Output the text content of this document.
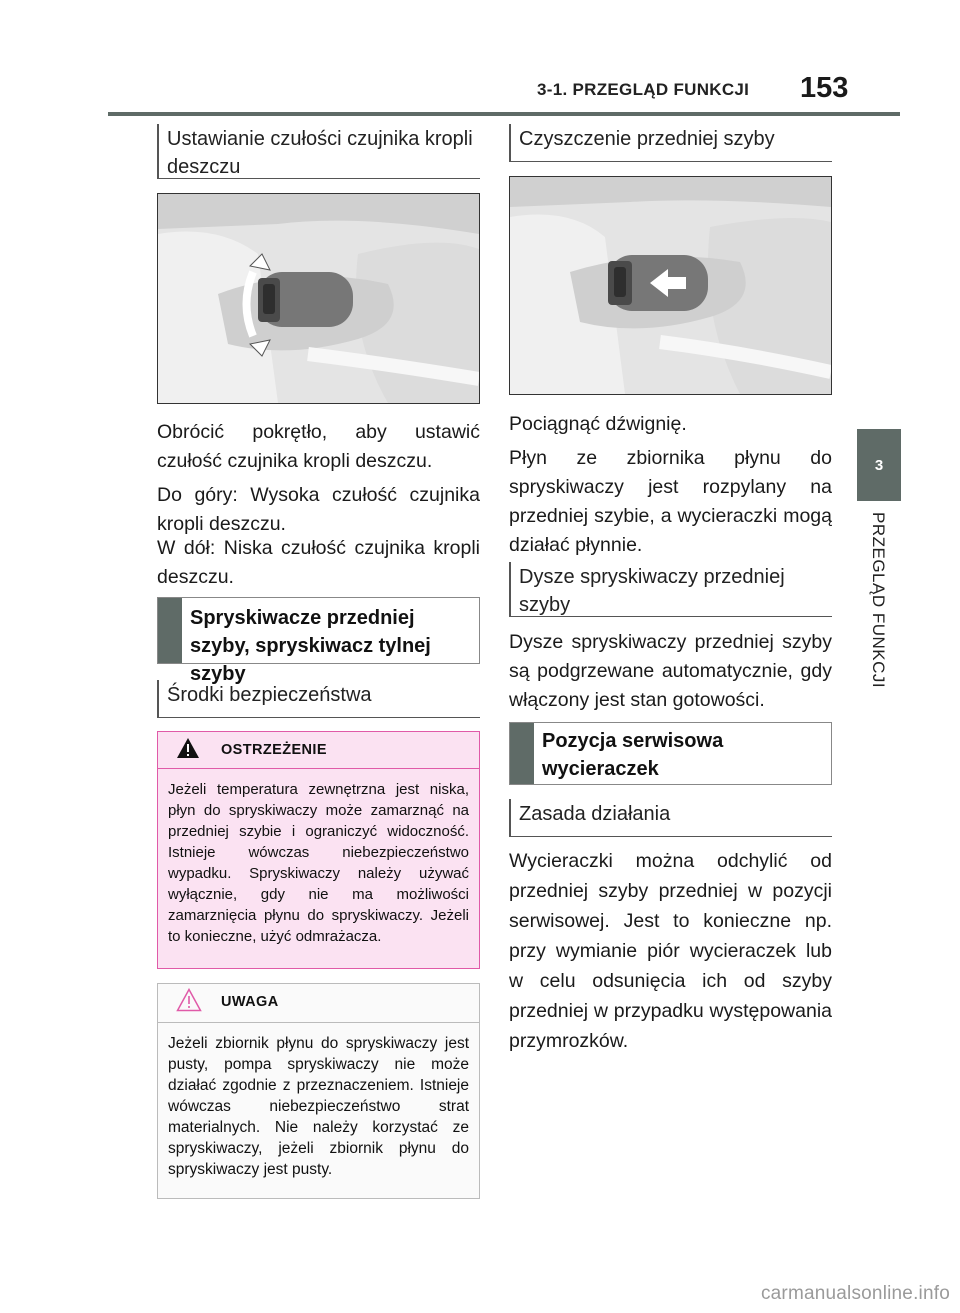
3-1. PRZEGLĄD FUNKCJI 153
3
PRZEGLĄD FUNKCJI
Ustawianie czułości czujnika kropli deszczu

Obrócić pokrętło, aby ustawić czułość czujnika kropli deszczu.

Do góry: Wysoka czułość czujnika kropli deszczu.

W dół: Niska czułość czujnika kropli deszczu.

Spryskiwacze przedniej szyby, spryskiwacz tylnej szyby
Środki bezpieczeństwa
OSTRZEŻENIE
Jeżeli temperatura zewnętrzna jest niska, płyn do spryskiwaczy może zamarznąć na przedniej szybie i ograniczyć widoczność. Istnieje wówczas niebezpieczeństwo wypadku. Spryskiwaczy należy używać wyłącznie, gdy nie ma możliwości zamarznięcia płynu do spryskiwaczy. Jeżeli to konieczne, użyć odmrażacza.
UWAGA
Jeżeli zbiornik płynu do spryskiwaczy jest pusty, pompa spryskiwaczy nie może działać zgodnie z przeznaczeniem. Istnieje wówczas niebezpieczeństwo strat materialnych. Nie należy korzystać ze spryskiwaczy, jeżeli zbiornik płynu do spryskiwaczy jest pusty.
Czyszczenie przedniej szyby

Pociągnąć dźwignię.

Płyn ze zbiornika płynu do spryskiwaczy jest rozpylany na przedniej szybie, a wycieraczki mogą działać płynnie.

Dysze spryskiwaczy przedniej szyby

Dysze spryskiwaczy przedniej szyby są podgrzewane automatycznie, gdy włączony jest stan gotowości.

Pozycja serwisowa wycieraczek
Zasada działania

Wycieraczki można odchylić od przedniej szyby przedniej w pozycji serwisowej. Jest to konieczne np. przy wymianie piór wycieraczek lub w celu odsunięcia ich od szyby przedniej w przypadku występowania przymrozków.

carmanualsonline.info
